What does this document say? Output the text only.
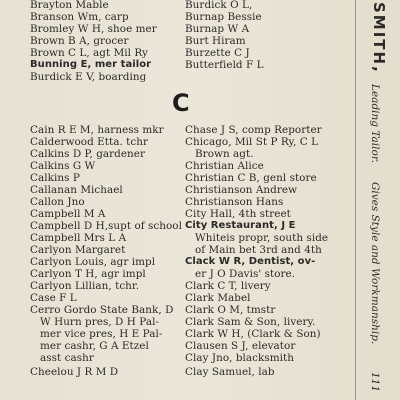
Brayton Mable
Branson Wm, carp
Bromley W H, shoe mer
Brown B A, grocer
Brown C L, agt Mil Ry
Bunning E, mer tailor
Burdick E V, boarding
Cain R E M, harness mkr
Calderwood Etta. tchr
Calkins D P, gardener
Calkins G W
Calkins P
Callanan Michael
Callon Jno
Campbell M A
Campbell D H,supt of school
Campbell Mrs L A
Carlyon Margaret
Carlyon Louis, agr impl
Carlyon T H, agr impl
Carlyon Lillian, tchr.
Case F L
Cerro Gordo State Bank, D
W Hurn pres, D H Pal-
mer vice pres, H E Pal-
mer cashr, G A Etzel
asst cashr
Cheelou J R M D
C
Burdick O L,
Burnap Bessie
Burnap W A
Burt Hiram
Burzette C J
Butterfield F L
Chase J S, comp Reporter
Chicago, Mil St P Ry, C L
Brown agt.
Christian Alice
Christian C B, genl store
Christianson Andrew
Christianson Hans
City Hall, 4th street
City Restaurant, J E
Whiteis propr, south side
of Main bet 3rd and 4th
Clack W R, Dentist, ov-
er J O Davis' store.
Clark C T, livery
Clark Mabel
Clark O M, tmstr
Clark Sam & Son, livery.
Clark W H, (Clark & Son)
Clausen S J, elevator
Clay Jno, blacksmith
Clay Samuel, lab
SMITH,
Leading Tailor.
Gives Style and Workmanship.
111
